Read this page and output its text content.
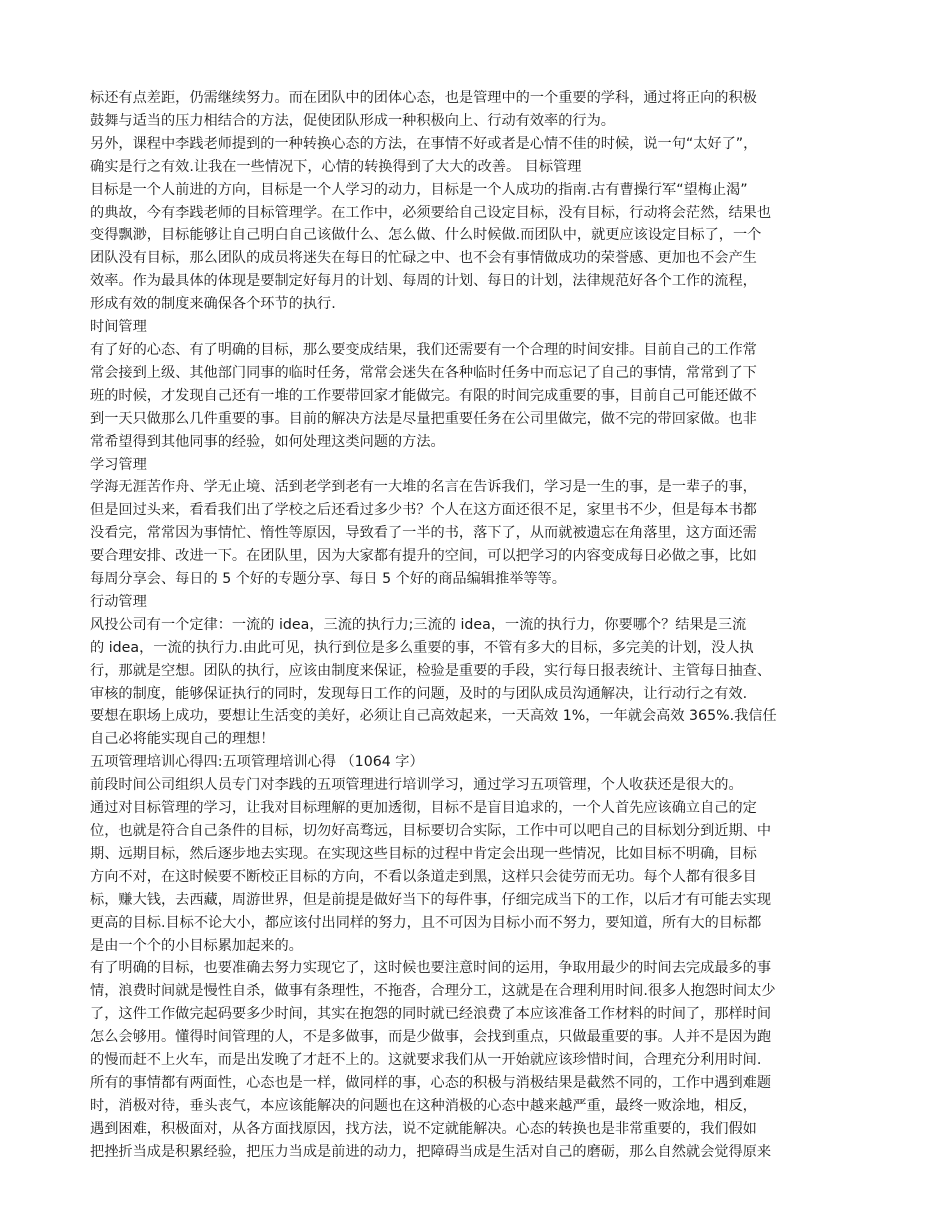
标还有点差距，仍需继续努力。而在团队中的团体心态，也是管理中的一个重要的学科，通过将正向的积极
鼓舞与适当的压力相结合的方法，促使团队形成一种积极向上、行动有效率的行为。
另外，课程中李践老师提到的一种转换心态的方法，在事情不好或者是心情不佳的时候，说一句“太好了”，
确实是行之有效.让我在一些情况下，心情的转换得到了大大的改善。 目标管理
目标是一个人前进的方向，目标是一个人学习的动力，目标是一个人成功的指南.古有曹操行军“望梅止渴”
的典故，今有李践老师的目标管理学。在工作中，必须要给自己设定目标，没有目标，行动将会茫然，结果也
变得飘渺，目标能够让自己明白自己该做什么、怎么做、什么时候做.而团队中，就更应该设定目标了，一个
团队没有目标，那么团队的成员将迷失在每日的忙碌之中、也不会有事情做成功的荣誉感、更加也不会产生
效率。作为最具体的体现是要制定好每月的计划、每周的计划、每日的计划，法律规范好各个工作的流程，
形成有效的制度来确保各个环节的执行.
时间管理
有了好的心态、有了明确的目标，那么要变成结果，我们还需要有一个合理的时间安排。目前自己的工作常
常会接到上级、其他部门同事的临时任务，常常会迷失在各种临时任务中而忘记了自己的事情，常常到了下
班的时候，才发现自己还有一堆的工作要带回家才能做完。有限的时间完成重要的事，目前自己可能还做不
到一天只做那么几件重要的事。目前的解决方法是尽量把重要任务在公司里做完，做不完的带回家做。也非
常希望得到其他同事的经验，如何处理这类问题的方法。
学习管理
学海无涯苦作舟、学无止境、活到老学到老有一大堆的名言在告诉我们，学习是一生的事，是一辈子的事，
但是回过头来，看看我们出了学校之后还看过多少书？个人在这方面还很不足，家里书不少，但是每本书都
没看完，常常因为事情忙、惰性等原因，导致看了一半的书，落下了，从而就被遗忘在角落里，这方面还需
要合理安排、改进一下。在团队里，因为大家都有提升的空间，可以把学习的内容变成每日必做之事，比如
每周分享会、每日的 5 个好的专题分享、每日 5 个好的商品编辑推举等等。
行动管理
风投公司有一个定律：一流的 idea，三流的执行力;三流的 idea，一流的执行力，你要哪个？结果是三流
的 idea，一流的执行力.由此可见，执行到位是多么重要的事，不管有多大的目标，多完美的计划，没人执
行，那就是空想。团队的执行，应该由制度来保证，检验是重要的手段，实行每日报表统计、主管每日抽查、
审核的制度，能够保证执行的同时，发现每日工作的问题，及时的与团队成员沟通解决，让行动行之有效.
要想在职场上成功，要想让生活变的美好，必须让自己高效起来，一天高效 1%，一年就会高效 365%.我信任
自己必将能实现自己的理想！
五项管理培训心得四:五项管理培训心得 （1064 字）
前段时间公司组织人员专门对李践的五项管理进行培训学习，通过学习五项管理，个人收获还是很大的。
通过对目标管理的学习，让我对目标理解的更加透彻，目标不是盲目追求的，一个人首先应该确立自己的定
位，也就是符合自己条件的目标，切勿好高骛远，目标要切合实际，工作中可以吧自己的目标划分到近期、中
期、远期目标，然后逐步地去实现。在实现这些目标的过程中肯定会出现一些情况，比如目标不明确，目标
方向不对，在这时候要不断校正目标的方向，不看以条道走到黑，这样只会徒劳而无功。每个人都有很多目
标，赚大钱，去西藏，周游世界，但是前提是做好当下的每件事，仔细完成当下的工作，以后才有可能去实现
更高的目标.目标不论大小，都应该付出同样的努力，且不可因为目标小而不努力，要知道，所有大的目标都
是由一个个的小目标累加起来的。
有了明确的目标，也要准确去努力实现它了，这时候也要注意时间的运用，争取用最少的时间去完成最多的事
情，浪费时间就是慢性自杀，做事有条理性，不拖沓，合理分工，这就是在合理利用时间.很多人抱怨时间太少
了，这件工作做完起码要多少时间，其实在抱怨的同时就已经浪费了本应该准备工作材料的时间了，那样时间
怎么会够用。懂得时间管理的人，不是多做事，而是少做事，会找到重点，只做最重要的事。人并不是因为跑
的慢而赶不上火车，而是出发晚了才赶不上的。这就要求我们从一开始就应该珍惜时间，合理充分利用时间.
所有的事情都有两面性，心态也是一样，做同样的事，心态的积极与消极结果是截然不同的，工作中遇到难题
时，消极对待，垂头丧气，本应该能解决的问题也在这种消极的心态中越来越严重，最终一败涂地，相反，
遇到困难，积极面对，从各方面找原因，找方法，说不定就能解决。心态的转换也是非常重要的，我们假如
把挫折当成是积累经验，把压力当成是前进的动力，把障碍当成是生活对自己的磨砺，那么自然就会觉得原来
